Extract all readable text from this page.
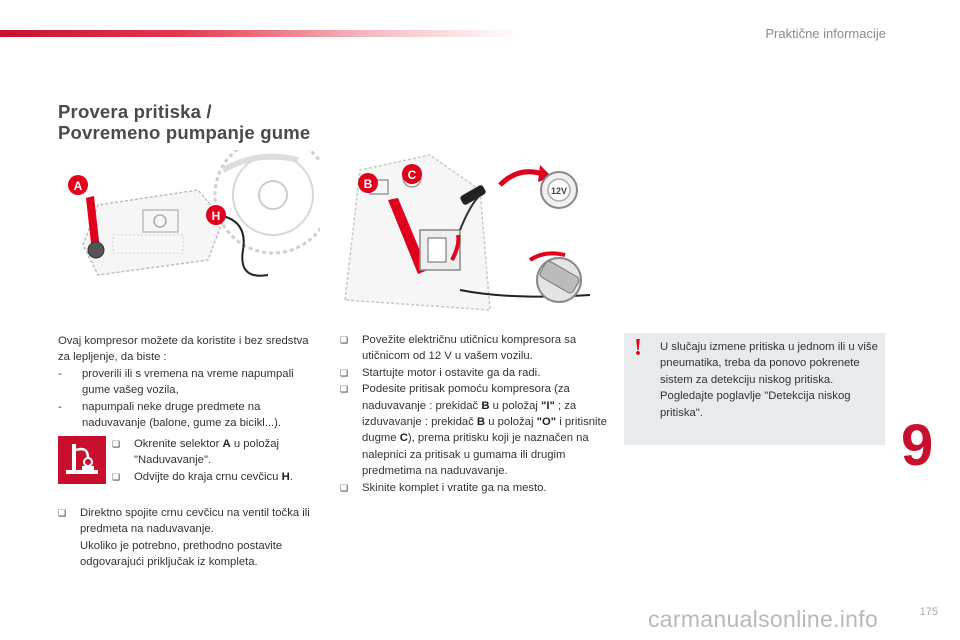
Praktične informacije
Provera pritiska /
Povremeno pumpanje gume
A
H
12V
B
C

Ovaj kompresor možete da koristite i bez sredstva za lepljenje, da biste :

- proverili ili s vremena na vreme napumpali gume vašeg vozila,
- napumpali neke druge predmete na naduvavanje (balone, gume za bicikl...).
❑ Okrenite selektor A u položaj "Naduvavanje".
❑ Odvijte do kraja crnu cevčicu H.
❑ Direktno spojite crnu cevčicu na ventil točka ili predmeta na naduvavanje.
Ukoliko je potrebno, prethodno postavite odgovarajući priključak iz kompleta.
❑ Povežite električnu utičnicu kompresora sa utičnicom od 12 V u vašem vozilu.
❑ Startujte motor i ostavite ga da radi.
❑ Podesite pritisak pomoću kompresora (za naduvavanje : prekidač B u položaj "I" ; za izduvavanje : prekidač B u položaj "O" i pritisnite dugme C), prema pritisku koji je naznačen na nalepnici za pritisak u gumama ili drugim predmetima na naduvavanje.
❑ Skinite komplet i vratite ga na mesto.
! U slučaju izmene pritiska u jednom ili u više pneumatika, treba da ponovo pokrenete sistem za detekciju niskog pritiska.
Pogledajte poglavlje "Detekcija niskog pritiska".
9
carmanualsonline.info	175
